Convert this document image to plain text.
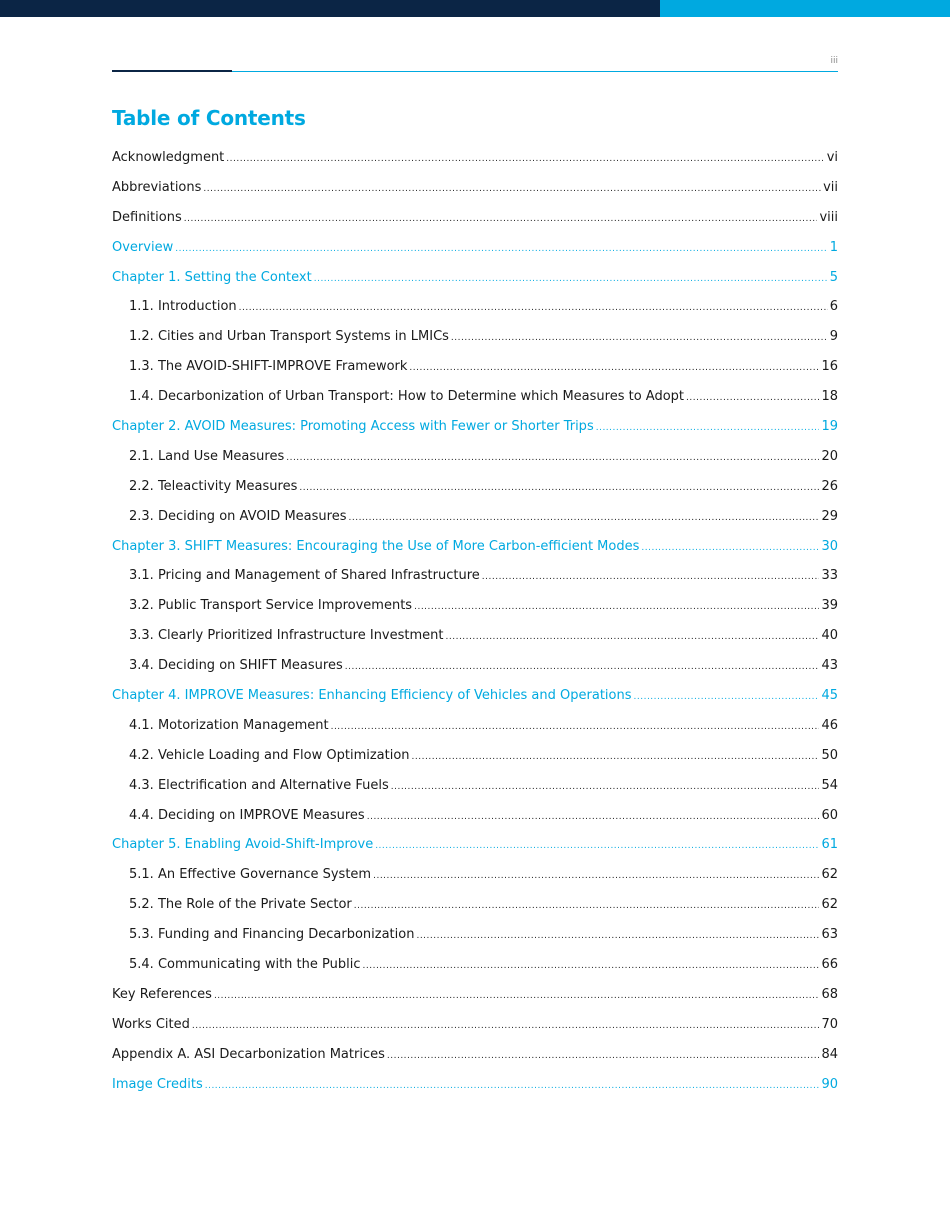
iii
Table of Contents
Acknowledgment .....	vi
Abbreviations .....	vii
Definitions .....	viii
Overview .....	1
Chapter 1. Setting the Context .....	5
1.1. Introduction .....	6
1.2. Cities and Urban Transport Systems in LMICs .....	9
1.3. The AVOID-SHIFT-IMPROVE Framework .....	16
1.4. Decarbonization of Urban Transport: How to Determine which Measures to Adopt .....	18
Chapter 2. AVOID Measures: Promoting Access with Fewer or Shorter Trips .....	19
2.1. Land Use Measures .....	20
2.2. Teleactivity Measures .....	26
2.3. Deciding on AVOID Measures .....	29
Chapter 3. SHIFT Measures: Encouraging the Use of More Carbon-efficient Modes .....	30
3.1. Pricing and Management of Shared Infrastructure .....	33
3.2. Public Transport Service Improvements .....	39
3.3. Clearly Prioritized Infrastructure Investment .....	40
3.4. Deciding on SHIFT Measures .....	43
Chapter 4. IMPROVE Measures: Enhancing Efficiency of Vehicles and Operations .....	45
4.1. Motorization Management .....	46
4.2. Vehicle Loading and Flow Optimization .....	50
4.3. Electrification and Alternative Fuels .....	54
4.4. Deciding on IMPROVE Measures .....	60
Chapter 5. Enabling Avoid-Shift-Improve .....	61
5.1. An Effective Governance System .....	62
5.2. The Role of the Private Sector .....	62
5.3. Funding and Financing Decarbonization .....	63
5.4. Communicating with the Public .....	66
Key References .....	68
Works Cited .....	70
Appendix A. ASI Decarbonization Matrices .....	84
Image Credits .....	90
